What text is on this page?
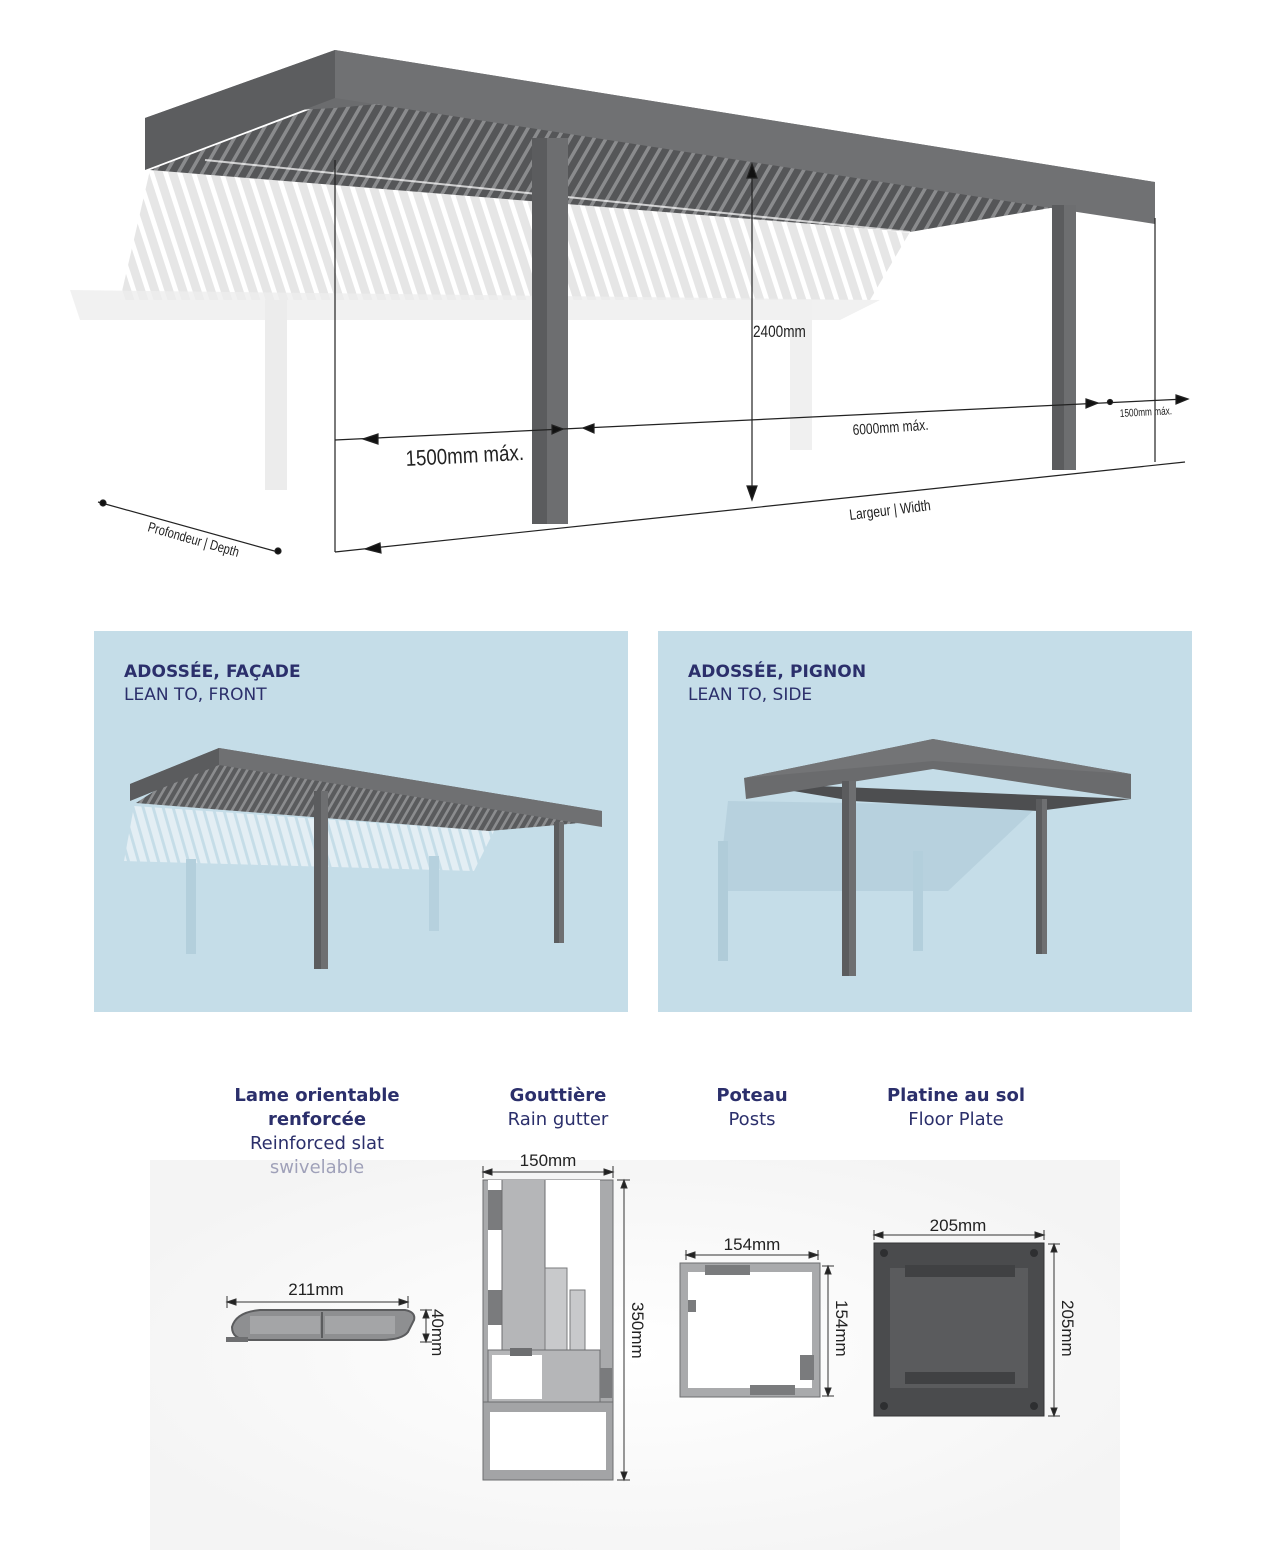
Profondeur | Depth
Largeur | Width
2400mm
1500mm máx.
6000mm máx.
1500mm máx.
ADOSSÉE, FAÇADE
LEAN TO, FRONT
ADOSSÉE, PIGNON
LEAN TO, SIDE
Lame orientable
renforcée
Reinforced slat
Gouttière
Rain gutter
Poteau
Posts
Platine au sol
Floor Plate
211mm
40mm
150mm
350mm
154mm
154mm
205mm
205mm
